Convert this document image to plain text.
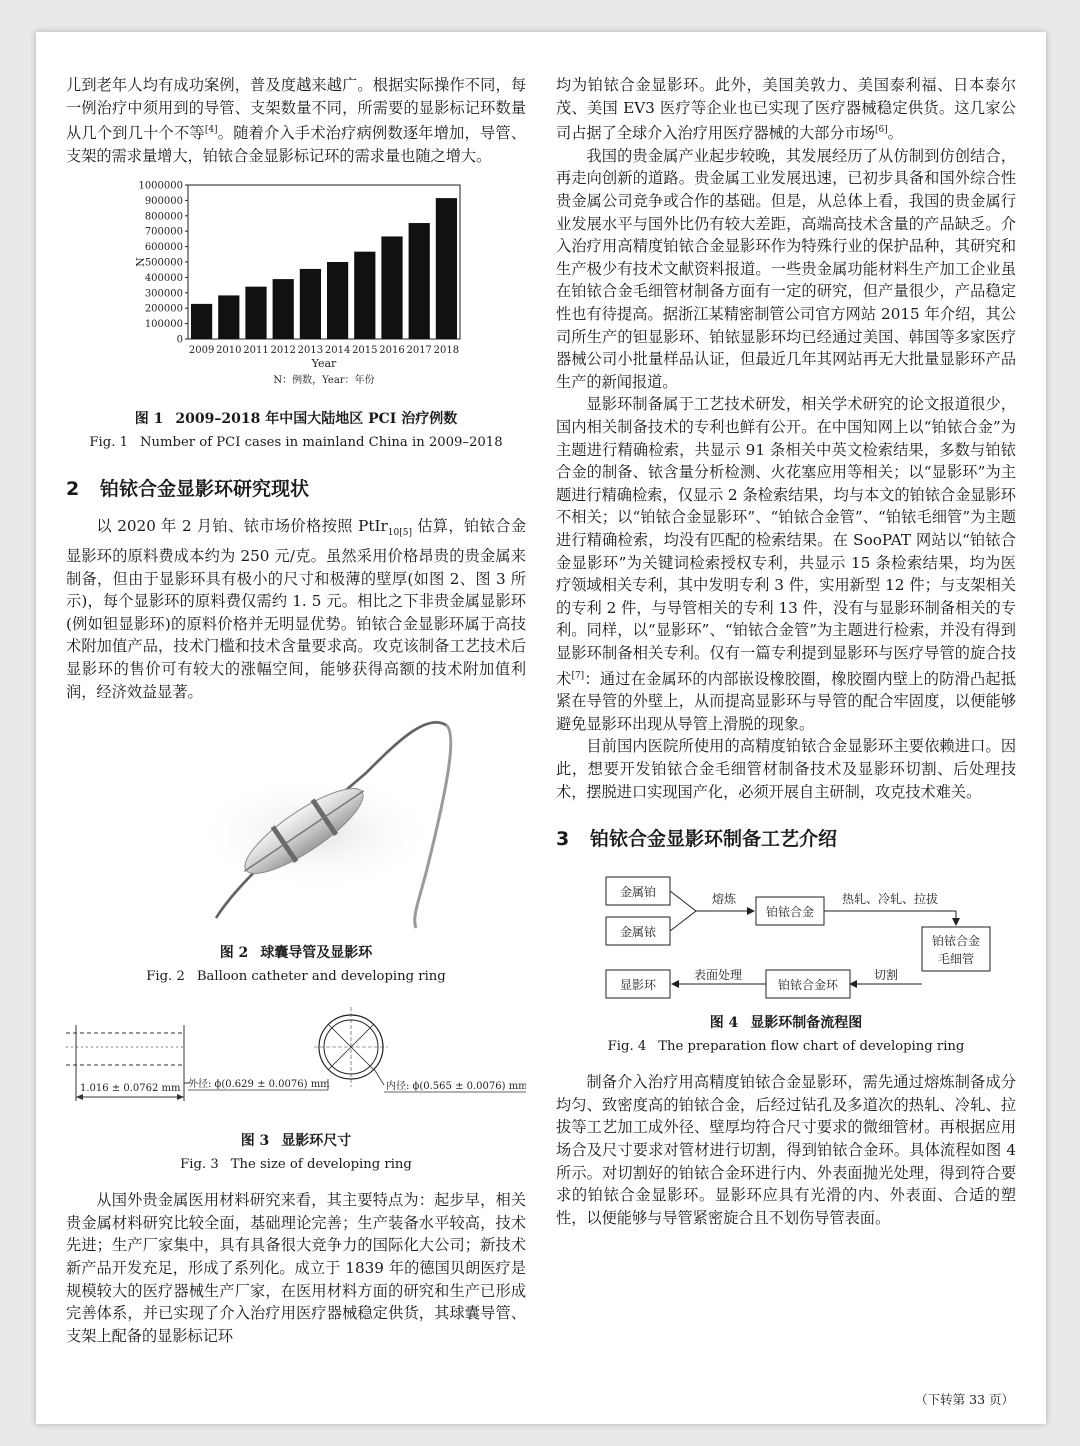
儿到老年人均有成功案例，普及度越来越广。根据实际操作不同，每一例治疗中须用到的导管、支架数量不同，所需要的显影标记环数量从几个到几十个不等[4]。随着介入手术治疗病例数逐年增加，导管、支架的需求量增大，铂铱合金显影标记环的需求量也随之增大。

0
100000
200000
300000
400000
500000
600000
700000
800000
900000
1000000
2009 2010 2011 2012 2013 2014 2015 2016 2017 2018
Year
N
N：例数，Year：年份
图 1 2009–2018 年中国大陆地区 PCI 治疗例数
Fig. 1 Number of PCI cases in mainland China in 2009–2018
2 铂铱合金显影环研究现状

以 2020 年 2 月铂、铱市场价格按照 PtIr$_{10[5]}$ 估算，铂铱合金显影环的原料费成本约为 250 元/克。虽然采用价格昂贵的贵金属来制备，但由于显影环具有极小的尺寸和极薄的壁厚(如图 2、图 3 所示)，每个显影环的原料费仅需约 1. 5 元。相比之下非贵金属显影环(例如钽显影环)的原料价格并无明显优势。铂铱合金显影环属于高技术附加值产品，技术门槛和技术含量要求高。攻克该制备工艺技术后显影环的售价可有较大的涨幅空间，能够获得高额的技术附加值利润，经济效益显著。

图 2 球囊导管及显影环
Fig. 2 Balloon catheter and developing ring
1.016 ± 0.0762 mm 外径: ϕ(0.629 ± 0.0076) mm	内径: ϕ(0.565 ± 0.0076) mm
图 3 显影环尺寸
Fig. 3 The size of developing ring

从国外贵金属医用材料研究来看，其主要特点为：起步早，相关贵金属材料研究比较全面，基础理论完善；生产装备水平较高，技术先进；生产厂家集中，具有具备很大竞争力的国际化大公司；新技术新产品开发充足，形成了系列化。成立于 1839 年的德国贝朗医疗是规模较大的医疗器械生产厂家，在医用材料方面的研究和生产已形成完善体系，并已实现了介入治疗用医疗器械稳定供货，其球囊导管、支架上配备的显影标记环

均为铂铱合金显影环。此外，美国美敦力、美国泰利福、日本泰尔茂、美国 EV3 医疗等企业也已实现了医疗器械稳定供货。这几家公司占据了全球介入治疗用医疗器械的大部分市场[6]。

我国的贵金属产业起步较晚，其发展经历了从仿制到仿创结合，再走向创新的道路。贵金属工业发展迅速，已初步具备和国外综合性贵金属公司竞争或合作的基础。但是，从总体上看，我国的贵金属行业发展水平与国外比仍有较大差距，高端高技术含量的产品缺乏。介入治疗用高精度铂铱合金显影环作为特殊行业的保护品种，其研究和生产极少有技术文献资料报道。一些贵金属功能材料生产加工企业虽在铂铱合金毛细管材制备方面有一定的研究，但产量很少，产品稳定性也有待提高。据浙江某精密制管公司官方网站 2015 年介绍，其公司所生产的钽显影环、铂铱显影环均已经通过美国、韩国等多家医疗器械公司小批量样品认证，但最近几年其网站再无大批量显影环产品生产的新闻报道。

显影环制备属于工艺技术研发，相关学术研究的论文报道很少，国内相关制备技术的专利也鲜有公开。在中国知网上以“铂铱合金”为主题进行精确检索，共显示 91 条相关中英文检索结果，多数与铂铱合金的制备、铱含量分析检测、火花塞应用等相关；以“显影环”为主题进行精确检索，仅显示 2 条检索结果，均与本文的铂铱合金显影环不相关；以“铂铱合金显影环”、“铂铱合金管”、“铂铱毛细管”为主题进行精确检索，均没有匹配的检索结果。在 SooPAT 网站以“铂铱合金显影环”为关键词检索授权专利，共显示 15 条检索结果，均为医疗领域相关专利，其中发明专利 3 件，实用新型 12 件；与支架相关的专利 2 件，与导管相关的专利 13 件，没有与显影环制备相关的专利。同样，以“显影环”、“铂铱合金管”为主题进行检索，并没有得到显影环制备相关专利。仅有一篇专利提到显影环与医疗导管的旋合技术[7]：通过在金属环的内部嵌设橡胶圈，橡胶圈内壁上的防滑凸起抵紧在导管的外壁上，从而提高显影环与导管的配合牢固度，以便能够避免显影环出现从导管上滑脱的现象。

目前国内医院所使用的高精度铂铱合金显影环主要依赖进口。因此，想要开发铂铱合金毛细管材制备技术及显影环切割、后处理技术，摆脱进口实现国产化，必须开展自主研制，攻克技术难关。

3 铂铱合金显影环制备工艺介绍
金属铂
金属铱
熔炼
铂铱合金
热轧、冷轧、拉拔
铂铱合金
毛细管
切割
铂铱合金环
表面处理
显影环
图 4 显影环制备流程图
Fig. 4 The preparation flow chart of developing ring

制备介入治疗用高精度铂铱合金显影环，需先通过熔炼制备成分均匀、致密度高的铂铱合金，后经过钻孔及多道次的热轧、冷轧、拉拔等工艺加工成外径、壁厚均符合尺寸要求的微细管材。再根据应用场合及尺寸要求对管材进行切割，得到铂铱合金环。具体流程如图 4 所示。对切割好的铂铱合金环进行内、外表面抛光处理，得到符合要求的铂铱合金显影环。显影环应具有光滑的内、外表面、合适的塑性，以便能够与导管紧密旋合且不划伤导管表面。

（下转第 33 页）
